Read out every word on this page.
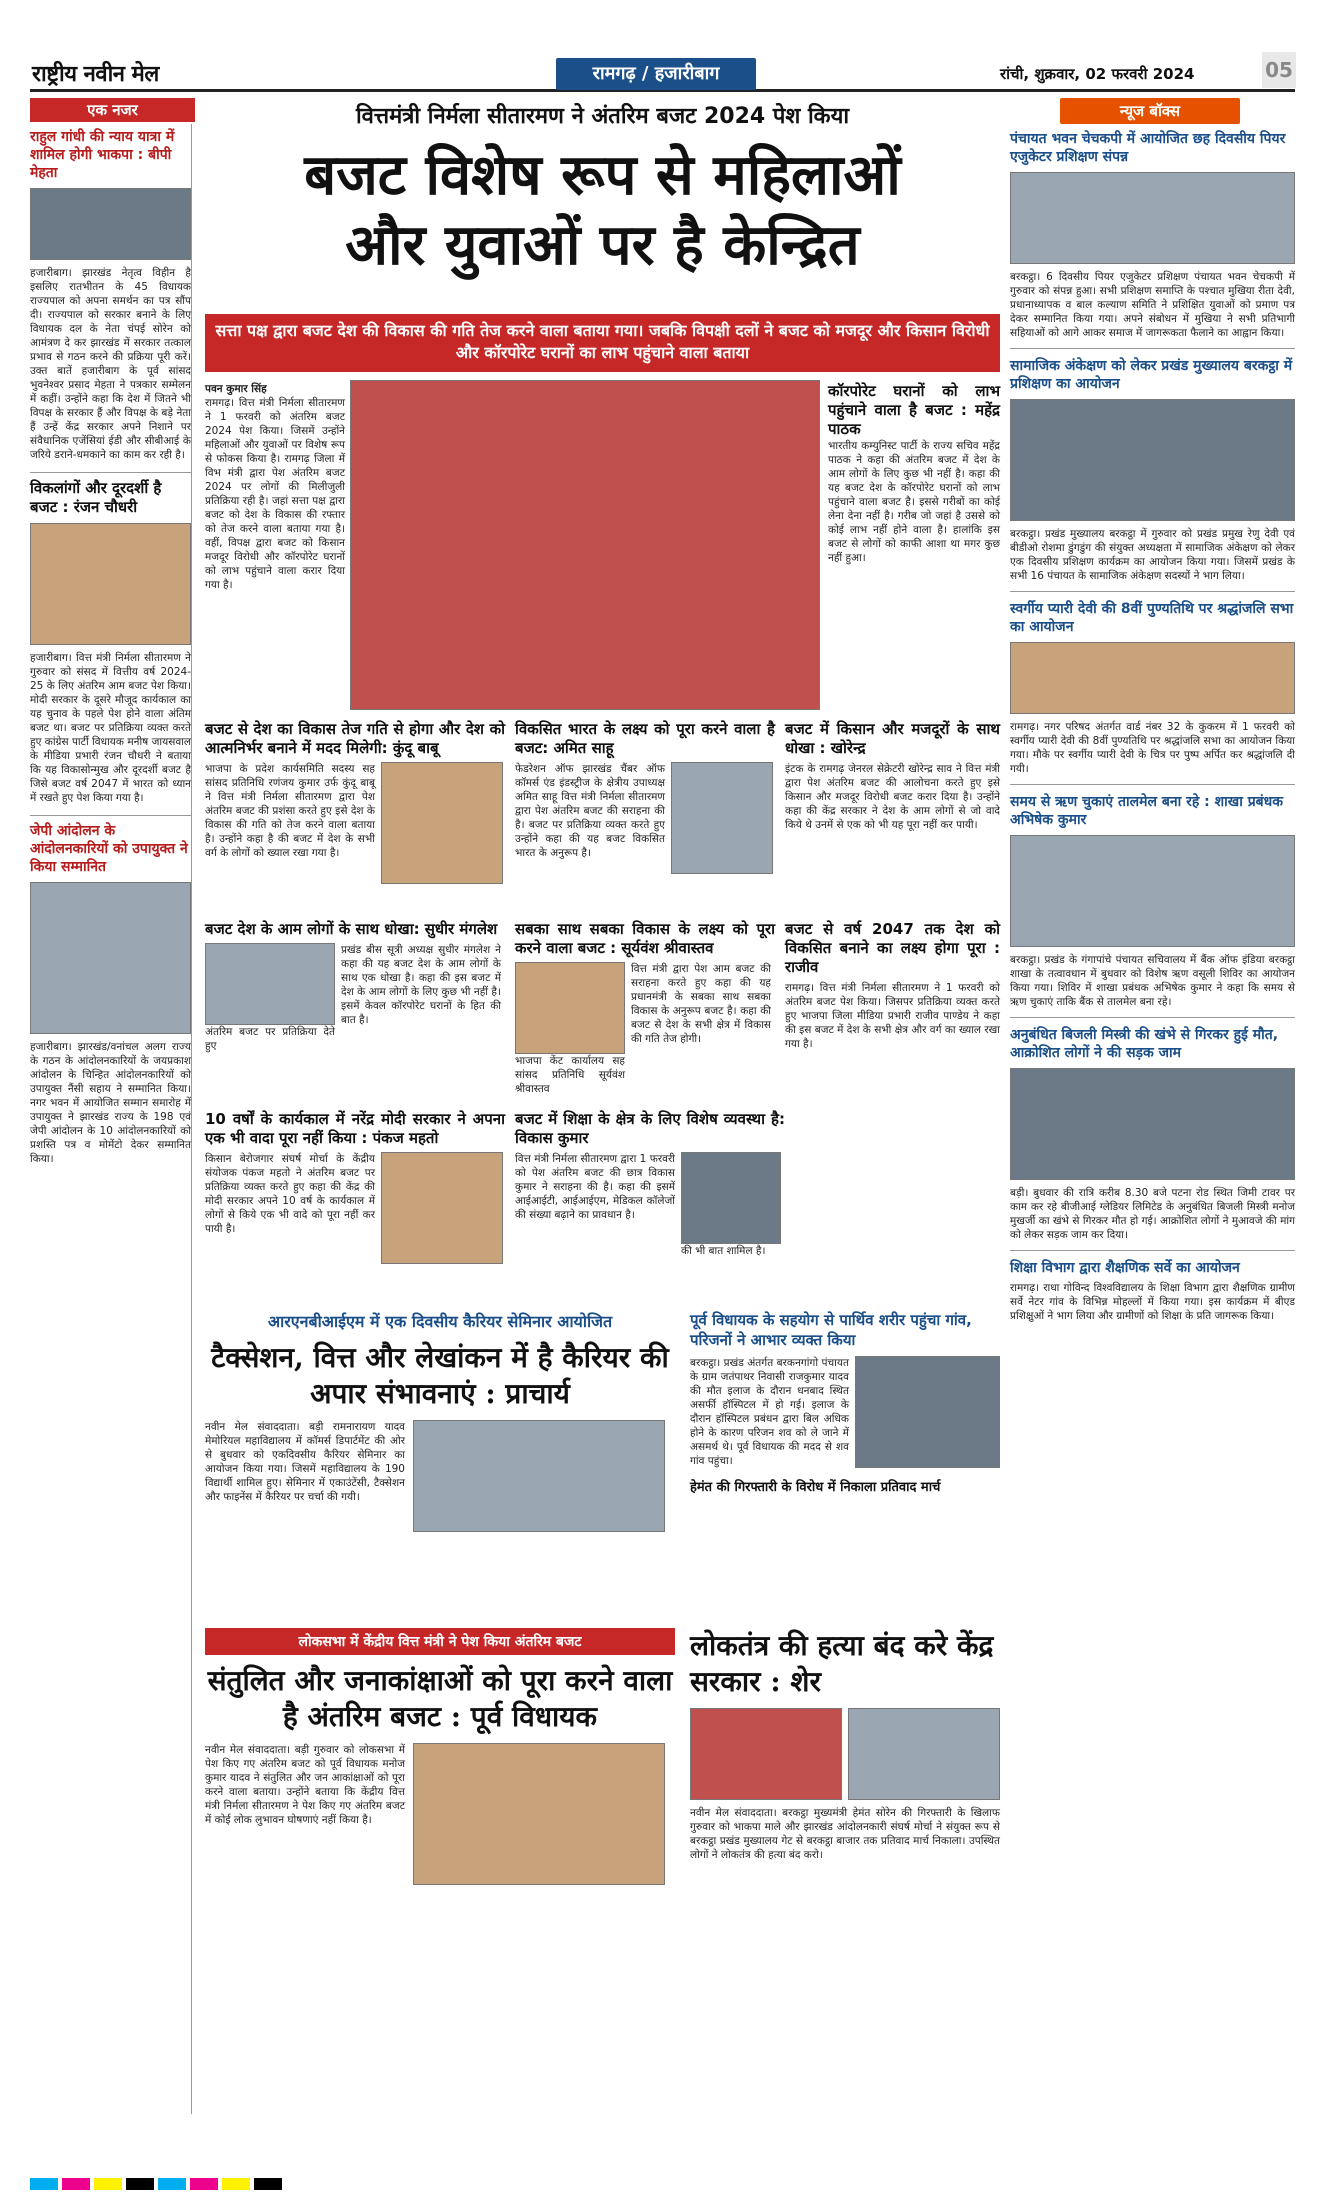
राष्ट्रीय नवीन मेल	रामगढ़ / हजारीबाग	रांची, शुक्रवार, 02 फरवरी 2024	05
एक नजर
राहुल गांधी की न्याय यात्रा में शामिल होगी भाकपा : बीपी मेहता
हजारीबाग। झारखंड नेतृत्व विहीन है इसलिए रातभीतन के 45 विधायक राज्यपाल को अपना समर्थन का पत्र सौंप दी। राज्यपाल को सरकार बनाने के लिए विधायक दल के नेता चंपई सोरेन को आमंत्रण दे कर झारखंड में सरकार तत्काल प्रभाव से गठन करने की प्रक्रिया पूरी करें। उक्त बातें हजारीबाग के पूर्व सांसद भुवनेश्वर प्रसाद मेहता ने पत्रकार सम्मेलन में कहीं। उन्होंने कहा कि देश में जितने भी विपक्ष के सरकार हैं और विपक्ष के बड़े नेता हैं उन्हें केंद्र सरकार अपने निशाने पर संवैधानिक एजेंसियां ईडी और सीबीआई के जरिये डराने-धमकाने का काम कर रही है।
विकलांगों और दूरदर्शी है बजट : रंजन चौधरी
हजारीबाग। वित्त मंत्री निर्मला सीतारमण ने गुरुवार को संसद में वित्तीय वर्ष 2024-25 के लिए अंतरिम आम बजट पेश किया। मोदी सरकार के दूसरे मौजूद कार्यकाल का यह चुनाव के पहले पेश होने वाला अंतिम बजट था। बजट पर प्रतिक्रिया व्यक्त करते हुए कांग्रेस पार्टी विधायक मनीष जायसवाल के मीडिया प्रभारी रंजन चौधरी ने बताया कि यह विकासोन्मुख और दूरदर्शी बजट है जिसे बजट वर्ष 2047 में भारत को ध्यान में रखते हुए पेश किया गया है।
जेपी आंदोलन के आंदोलनकारियों को उपायुक्त ने किया सम्मानित
हजारीबाग। झारखंड/वनांचल अलग राज्य के गठन के आंदोलनकारियों के जयप्रकाश आंदोलन के चिन्हित आंदोलनकारियों को उपायुक्त नैंसी सहाय ने सम्मानित किया। नगर भवन में आयोजित सम्मान समारोह में उपायुक्त ने झारखंड राज्य के 198 एवं जेपी आंदोलन के 10 आंदोलनकारियों को प्रशस्ति पत्र व मोमेंटो देकर सम्मानित किया।
वित्तमंत्री निर्मला सीतारमण ने अंतरिम बजट 2024 पेश किया
बजट विशेष रूप से महिलाओं
और युवाओं पर है केन्द्रित
सत्ता पक्ष द्वारा बजट देश की विकास की गति तेज करने वाला बताया गया। जबकि विपक्षी दलों ने बजट को मजदूर और किसान विरोधी और कॉरपोरेट घरानों का लाभ पहुंचाने वाला बताया
पवन कुमार सिंह
रामगढ़। वित्त मंत्री निर्मला सीतारमण ने 1 फरवरी को अंतरिम बजट 2024 पेश किया। जिसमें उन्होंने महिलाओं और युवाओं पर विशेष रूप से फोकस किया है। रामगढ़ जिला में विभ मंत्री द्वारा पेश अंतरिम बजट 2024 पर लोगों की मिलीजुली प्रतिक्रिया रही है। जहां सत्ता पक्ष द्वारा बजट को देश के विकास की रफ्तार को तेज करने वाला बताया गया है। वहीं, विपक्ष द्वारा बजट को किसान मजदूर विरोधी और कॉरपोरेट घरानों को लाभ पहुंचाने वाला करार दिया गया है।
कॉरपोरेट घरानों को लाभ पहुंचाने वाला है बजट : महेंद्र पाठक
भारतीय कम्युनिस्ट पार्टी के राज्य सचिव महेंद्र पाठक ने कहा की अंतरिम बजट में देश के आम लोगों के लिए कुछ भी नहीं है। कहा की यह बजट देश के कॉरपोरेट घरानों को लाभ पहुंचाने वाला बजट है। इससे गरीबों का कोई लेना देना नहीं है। गरीब जो जहां है उससे को कोई लाभ नहीं होने वाला है। हालांकि इस बजट से लोगों को काफी आशा था मगर कुछ नहीं हुआ।
बजट से देश का विकास तेज गति से होगा और देश को आत्मनिर्भर बनाने में मदद मिलेगी: कुंदू बाबू
भाजपा के प्रदेश कार्यसमिति सदस्य सह सांसद प्रतिनिधि रणंजय कुमार उर्फ कुंदू बाबू ने वित्त मंत्री निर्मला सीतारमण द्वारा पेश अंतरिम बजट की प्रशंसा करते हुए इसे देश के विकास की गति को तेज करने वाला बताया है। उन्होंने कहा है की बजट में देश के सभी वर्ग के लोगों को ख्याल रखा गया है।
विकसित भारत के लक्ष्य को पूरा करने वाला है बजट: अमित साहू
फेडरेशन ऑफ झारखंड चैंबर ऑफ कॉमर्स एंड इंडस्ट्रीज के क्षेत्रीय उपाध्यक्ष अमित साहू वित्त मंत्री निर्मला सीतारमण द्वारा पेश अंतरिम बजट की सराहना की है। बजट पर प्रतिक्रिया व्यक्त करते हुए उन्होंने कहा की यह बजट विकसित भारत के अनुरूप है।
बजट में किसान और मजदूरों के साथ धोखा : खोरेन्द्र
इंटक के रामगढ़ जेनरल सेक्रेटरी खोरेन्द्र साव ने वित्त मंत्री द्वारा पेश अंतरिम बजट की आलोचना करते हुए इसे किसान और मजदूर विरोधी बजट करार दिया है। उन्होंने कहा की केंद्र सरकार ने देश के आम लोगों से जो वादे किये थे उनमें से एक को भी यह पूरा नहीं कर पायी।
बजट देश के आम लोगों के साथ धोखा: सुधीर मंगलेश
अंतरिम बजट पर प्रतिक्रिया देते हुए
प्रखंड बीस सूत्री अध्यक्ष सुधीर मंगलेश ने कहा की यह बजट देश के आम लोगों के साथ एक धोखा है। कहा की इस बजट में देश के आम लोगों के लिए कुछ भी नहीं है। इसमें केवल कॉरपोरेट घरानों के हित की बात है।
सबका साथ सबका विकास के लक्ष्य को पूरा करने वाला बजट : सूर्यवंश श्रीवास्तव
भाजपा केंट कार्यालय सह सांसद प्रतिनिधि सूर्यवंश श्रीवास्तव
वित्त मंत्री द्वारा पेश आम बजट की सराहना करते हुए कहा की यह प्रधानमंत्री के सबका साथ सबका विकास के अनुरूप बजट है। कहा की बजट से देश के सभी क्षेत्र में विकास की गति तेज होगी।
बजट से वर्ष 2047 तक देश को विकसित बनाने का लक्ष्य होगा पूरा : राजीव
रामगढ़। वित्त मंत्री निर्मला सीतारमण ने 1 फरवरी को अंतरिम बजट पेश किया। जिसपर प्रतिक्रिया व्यक्त करते हुए भाजपा जिला मीडिया प्रभारी राजीव पाण्डेय ने कहा की इस बजट में देश के सभी क्षेत्र और वर्ग का ख्याल रखा गया है।
10 वर्षों के कार्यकाल में नरेंद्र मोदी सरकार ने अपना एक भी वादा पूरा नहीं किया : पंकज महतो
किसान बेरोजगार संघर्ष मोर्चा के केंद्रीय संयोजक पंकज महतो ने अंतरिम बजट पर प्रतिक्रिया व्यक्त करते हुए कहा की केंद्र की मोदी सरकार अपने 10 वर्ष के कार्यकाल में लोगों से किये एक भी वादे को पूरा नहीं कर पायी है।
बजट में शिक्षा के क्षेत्र के लिए विशेष व्यवस्था है: विकास कुमार
वित्त मंत्री निर्मला सीतारमण द्वारा 1 फरवरी को पेश अंतरिम बजट की छात्र विकास कुमार ने सराहना की है। कहा की इसमें आईआईटी, आईआईएम, मेडिकल कॉलेजों की संख्या बढ़ाने का प्रावधान है।
की भी बात शामिल है।
आरएनबीआईएम में एक दिवसीय कैरियर सेमिनार आयोजित
टैक्सेशन, वित्त और लेखांकन में है कैरियर की अपार संभावनाएं : प्राचार्य
नवीन मेल संवाददाता। बड़ी रामनारायण यादव मेमोरियल महाविद्यालय में कॉमर्स डिपार्टमेंट की ओर से बुधवार को एकदिवसीय कैरियर सेमिनार का आयोजन किया गया। जिसमें महाविद्यालय के 190 विद्यार्थी शामिल हुए। सेमिनार में एकाउंटेंसी, टैक्सेशन और फाइनेंस में कैरियर पर चर्चा की गयी।
पूर्व विधायक के सहयोग से पार्थिव शरीर पहुंचा गांव, परिजनों ने आभार व्यक्त किया
बरकट्ठा। प्रखंड अंतर्गत बरकनगांगो पंचायत के ग्राम जतंपाथर निवासी राजकुमार यादव की मौत इलाज के दौरान धनबाद स्थित असर्फी हॉस्पिटल में हो गई। इलाज के दौरान हॉस्पिटल प्रबंधन द्वारा बिल अधिक होने के कारण परिजन शव को ले जाने में असमर्थ थे। पूर्व विधायक की मदद से शव गांव पहुंचा।
हेमंत की गिरफ्तारी के विरोध में निकाला प्रतिवाद मार्च
लोकसभा में केंद्रीय वित्त मंत्री ने पेश किया अंतरिम बजट
संतुलित और जनाकांक्षाओं को पूरा करने वाला है अंतरिम बजट : पूर्व विधायक
नवीन मेल संवाददाता। बड़ी गुरुवार को लोकसभा में पेश किए गए अंतरिम बजट को पूर्व विधायक मनोज कुमार यादव ने संतुलित और जन आकांक्षाओं को पूरा करने वाला बताया। उन्होंने बताया कि केंद्रीय वित्त मंत्री निर्मला सीतारमण ने पेश किए गए अंतरिम बजट में कोई लोक लुभावन घोषणाएं नहीं किया है।
लोकतंत्र की हत्या बंद करे केंद्र सरकार : शेर
नवीन मेल संवाददाता। बरकट्ठा मुख्यमंत्री हेमंत सोरेन की गिरफ्तारी के खिलाफ गुरुवार को भाकपा माले और झारखंड आंदोलनकारी संघर्ष मोर्चा ने संयुक्त रूप से बरकट्ठा प्रखंड मुख्यालय गेट से बरकट्ठा बाजार तक प्रतिवाद मार्च निकाला। उपस्थित लोगों ने लोकतंत्र की हत्या बंद करो।
न्यूज बॉक्स
पंचायत भवन चेचकपी में आयोजित छह दिवसीय पियर एजुकेटर प्रशिक्षण संपन्न
बरकट्ठा। 6 दिवसीय पियर एजुकेटर प्रशिक्षण पंचायत भवन चेचकपी में गुरुवार को संपन्न हुआ। सभी प्रशिक्षण समाप्ति के पश्चात मुखिया रीता देवी, प्रधानाध्यापक व बाल कल्याण समिति ने प्रशिक्षित युवाओं को प्रमाण पत्र देकर सम्मानित किया गया। अपने संबोधन में मुखिया ने सभी प्रतिभागी सहियाओं को आगे आकर समाज में जागरूकता फैलाने का आह्वान किया।
सामाजिक अंकेक्षण को लेकर प्रखंड मुख्यालय बरकट्ठा में प्रशिक्षण का आयोजन
बरकट्ठा। प्रखंड मुख्यालय बरकट्ठा में गुरुवार को प्रखंड प्रमुख रेणु देवी एवं बीडीओ रोशमा डुंगडुंग की संयुक्त अध्यक्षता में सामाजिक अंकेक्षण को लेकर एक दिवसीय प्रशिक्षण कार्यक्रम का आयोजन किया गया। जिसमें प्रखंड के सभी 16 पंचायत के सामाजिक अंकेक्षण सदस्यों ने भाग लिया।
स्वर्गीय प्यारी देवी की 8वीं पुण्यतिथि पर श्रद्धांजलि सभा का आयोजन
रामगढ़। नगर परिषद अंतर्गत वार्ड नंबर 32 के कुकरम में 1 फरवरी को स्वर्गीय प्यारी देवी की 8वीं पुण्यतिथि पर श्रद्धांजलि सभा का आयोजन किया गया। मौके पर स्वर्गीय प्यारी देवी के चित्र पर पुष्प अर्पित कर श्रद्धांजलि दी गयी।
समय से ऋण चुकाएं तालमेल बना रहे : शाखा प्रबंधक अभिषेक कुमार
बरकट्ठा। प्रखंड के गंगापांचे पंचायत सचिवालय में बैंक ऑफ इंडिया बरकट्ठा शाखा के तत्वावधान में बुधवार को विशेष ऋण वसूली शिविर का आयोजन किया गया। शिविर में शाखा प्रबंधक अभिषेक कुमार ने कहा कि समय से ऋण चुकाएं ताकि बैंक से तालमेल बना रहे।
अनुबंधित बिजली मिस्त्री की खंभे से गिरकर हुई मौत, आक्रोशित लोगों ने की सड़क जाम
बड़ी। बुधवार की रात्रि करीब 8.30 बजे पटना रोड स्थित जिमी टावर पर काम कर रहे बीजीआई ग्लेडियर लिमिटेड के अनुबंधित बिजली मिस्त्री मनोज मुखर्जी का खंभे से गिरकर मौत हो गई। आक्रोशित लोगों ने मुआवजे की मांग को लेकर सड़क जाम कर दिया।
शिक्षा विभाग द्वारा शैक्षणिक सर्वे का आयोजन
रामगढ़। राधा गोविन्द विश्वविद्यालय के शिक्षा विभाग द्वारा शैक्षणिक ग्रामीण सर्वे नेटर गांव के विभिन्न मोहल्लों में किया गया। इस कार्यक्रम में बीएड प्रशिक्षुओं ने भाग लिया और ग्रामीणों को शिक्षा के प्रति जागरूक किया।
